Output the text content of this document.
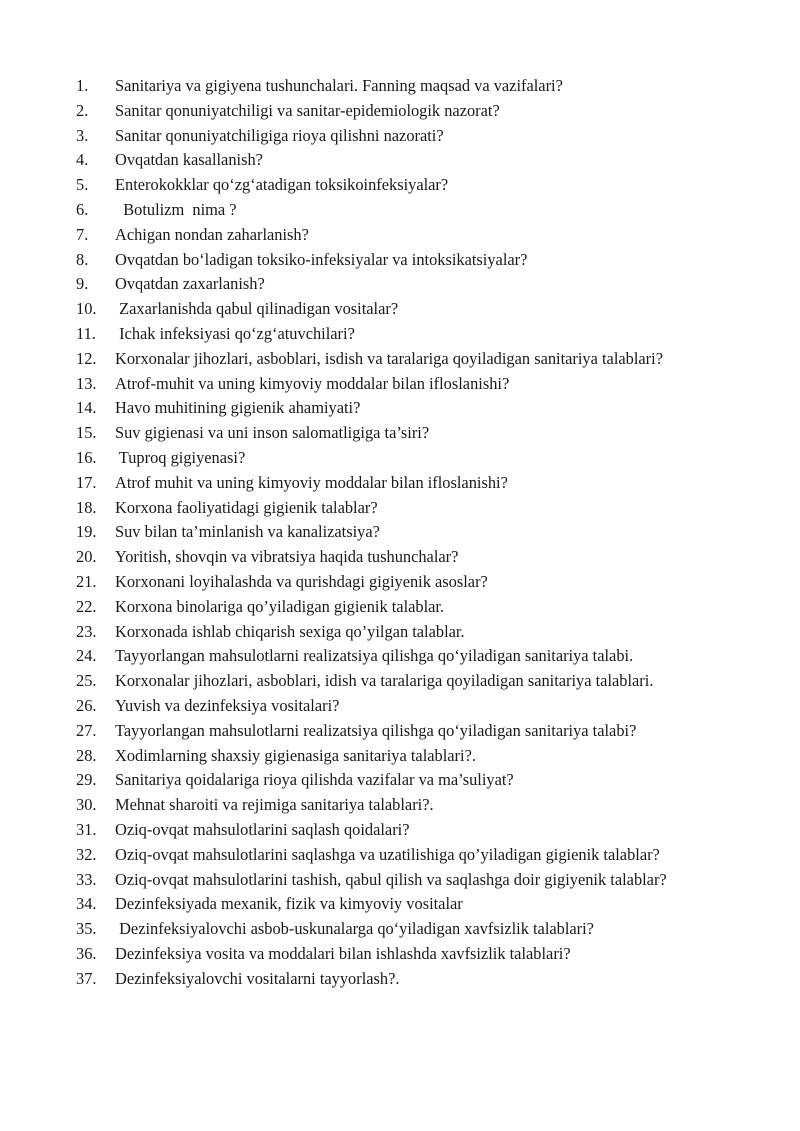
1.	Sanitariya va gigiyena tushunchalari. Fanning maqsad va vazifalari?
2.	Sanitar qonuniyatchiligi va sanitar-epidemiologik nazorat?
3.	Sanitar qonuniyatchiligiga rioya qilishni nazorati?
4.	Ovqatdan kasallanish?
5.	Enterokokklar qo‘zg‘atadigan toksikoinfeksiyalar?
6.	Botulizm  nima ?
7.	Achigan nondan zaharlanish?
8.	Ovqatdan bo‘ladigan toksiko-infeksiyalar va intoksikatsiyalar?
9.	Ovqatdan zaxarlanish?
10.	Zaxarlanishda qabul qilinadigan vositalar?
11.	Ichak infeksiyasi qo‘zg‘atuvchilari?
12.	Korxonalar jihozlari, asboblari, isdish va taralariga qoyiladigan sanitariya talablari?
13.	Atrof-muhit va uning kimyoviy moddalar bilan ifloslanishi?
14.	Havo muhitining gigienik ahamiyati?
15.	Suv gigienasi va uni inson salomatligiga ta’siri?
16.	Tuproq gigiyenasi?
17.	Atrof muhit va uning kimyoviy moddalar bilan ifloslanishi?
18.	Korxona faoliyatidagi gigienik talablar?
19.	Suv bilan ta’minlanish va kanalizatsiya?
20.	Yoritish, shovqin va vibratsiya haqida tushunchalar?
21.	Korxonani loyihalashda va qurishdagi gigiyenik asoslar?
22.	Korxona binolariga qo’yiladigan gigienik talablar.
23.	Korxonada ishlab chiqarish sexiga qo’yilgan talablar.
24.	Tayyorlangan mahsulotlarni realizatsiya qilishga qo‘yiladigan sanitariya talabi.
25.	Korxonalar jihozlari, asboblari, idish va taralariga qoyiladigan sanitariya talablari.
26.	Yuvish va dezinfeksiya vositalari?
27.	Tayyorlangan mahsulotlarni realizatsiya qilishga qo‘yiladigan sanitariya talabi?
28.	Xodimlarning shaxsiy gigienasiga sanitariya talablari?.
29.	Sanitariya qoidalariga rioya qilishda vazifalar va ma’suliyat?
30.	Mehnat sharoiti va rejimiga sanitariya talablari?.
31.	Oziq-ovqat mahsulotlarini saqlash qoidalari?
32.	Oziq-ovqat mahsulotlarini saqlashga va uzatilishiga qo’yiladigan gigienik talablar?
33.	Oziq-ovqat mahsulotlarini tashish, qabul qilish va saqlashga doir gigiyenik talablar?
34.	Dezinfeksiyada mexanik, fizik va kimyoviy vositalar
35.	Dezinfeksiyalovchi asbob-uskunalarga qo‘yiladigan xavfsizlik talablari?
36.	Dezinfeksiya vosita va moddalari bilan ishlashda xavfsizlik talablari?
37.	Dezinfeksiyalovchi vositalarni tayyorlash?.
